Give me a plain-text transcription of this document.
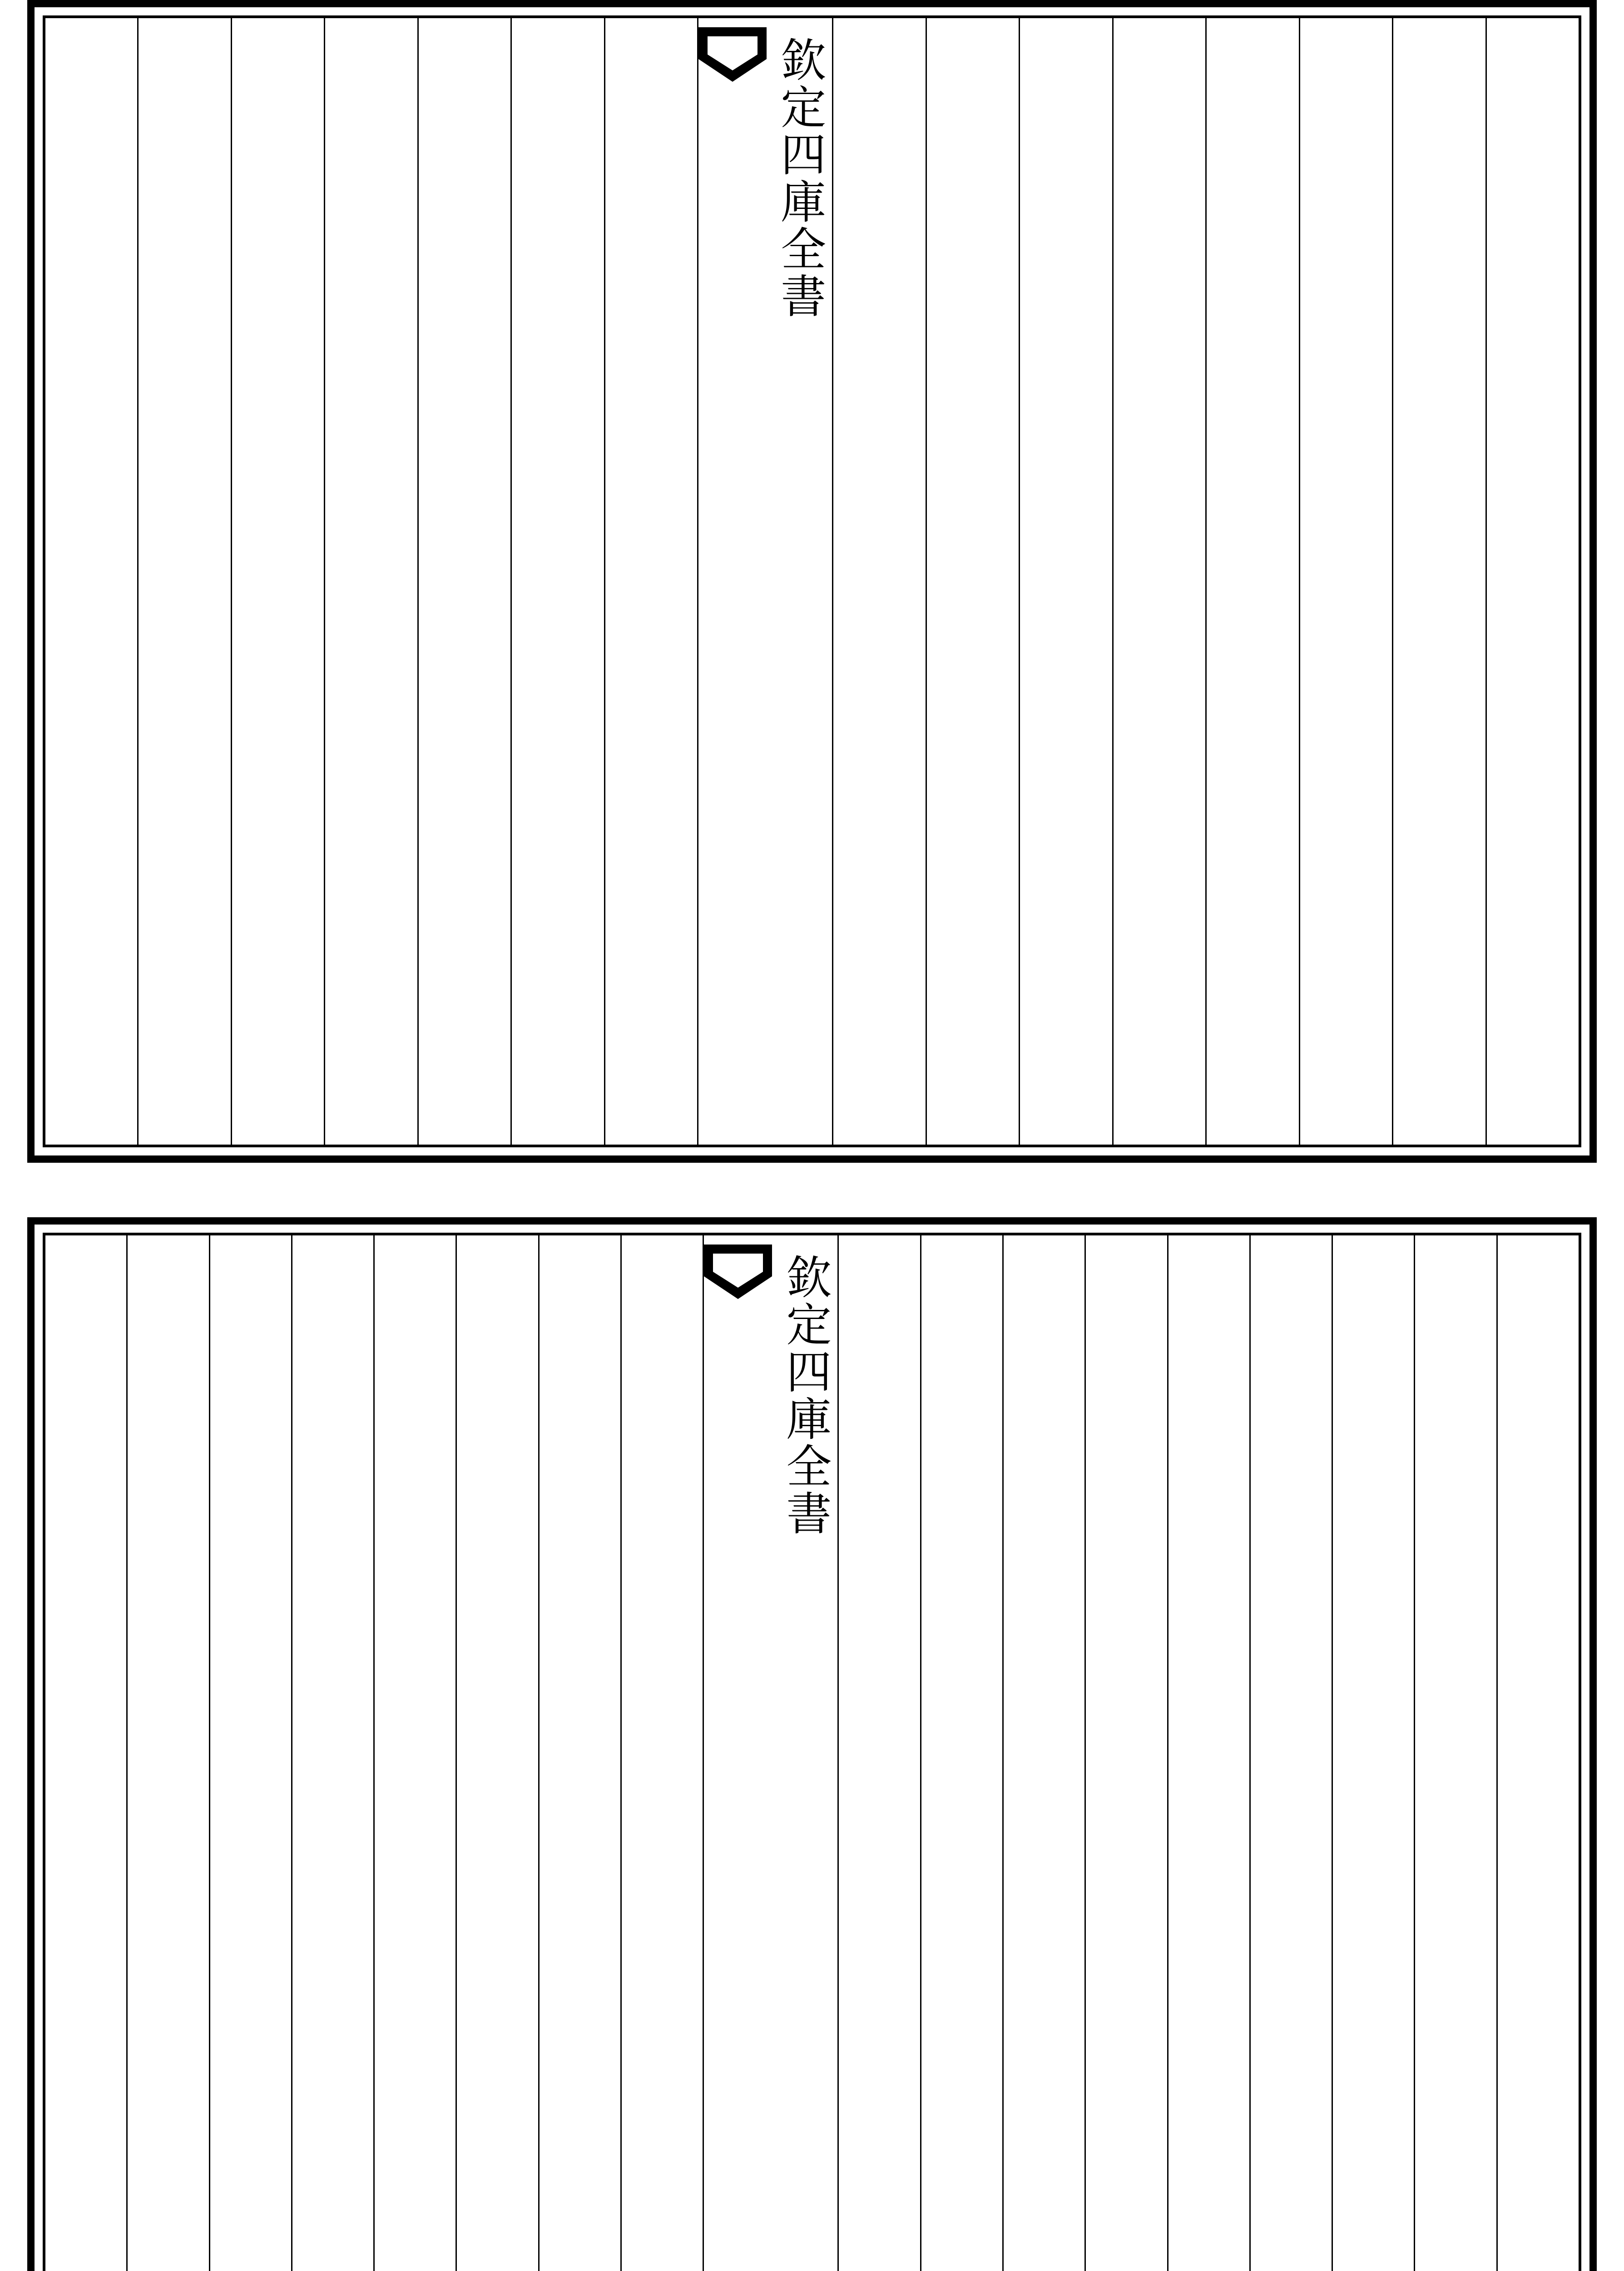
欽定四庫全書
欽定四庫全書
